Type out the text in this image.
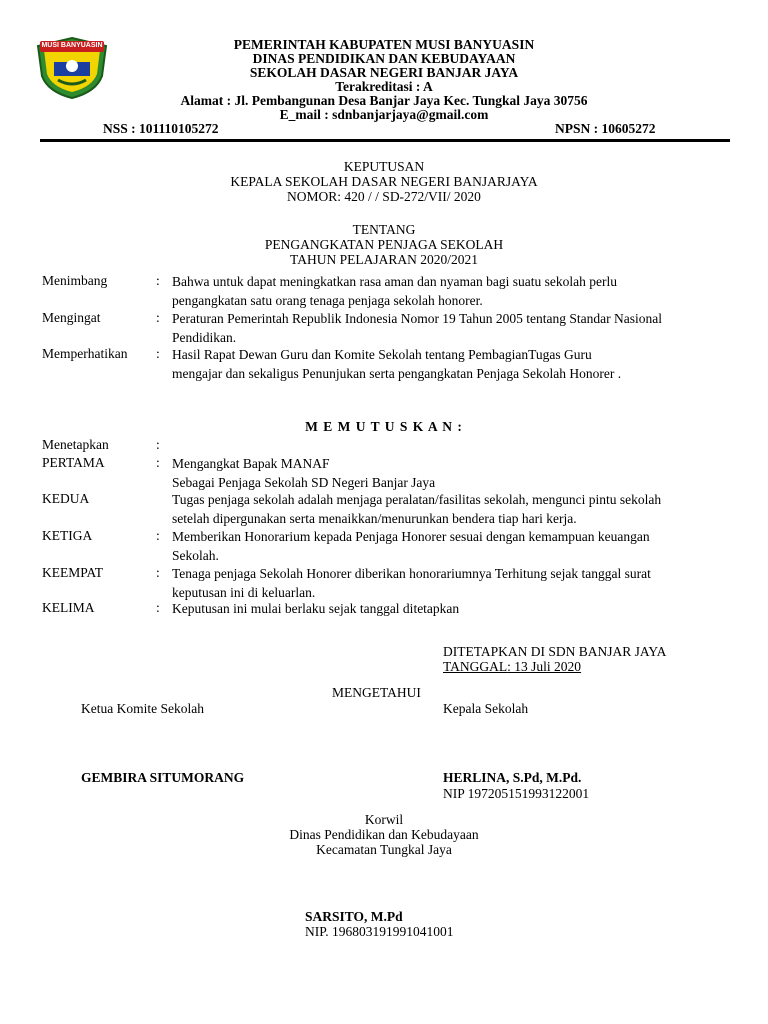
MUSI BANYUASIN	PEMERINTAH KABUPATEN MUSI BANYUASIN
DINAS PENDIDIKAN DAN KEBUDAYAAN
SEKOLAH DASAR NEGERI BANJAR JAYA
Terakreditasi : A
Alamat : Jl. Pembangunan Desa Banjar Jaya Kec. Tungkal Jaya 30756
E_mail : sdnbanjarjaya@gmail.com
NSS : 101110105272	NPSN : 10605272
KEPUTUSAN
KEPALA SEKOLAH DASAR NEGERI BANJARJAYA
NOMOR: 420 / / SD-272/VII/ 2020
TENTANG
PENGANGKATAN PENJAGA SEKOLAH
TAHUN PELAJARAN 2020/2021
Menimbang	: Bahwa untuk dapat meningkatkan rasa aman dan nyaman bagi suatu sekolah perlu
pengangkatan satu orang tenaga penjaga sekolah honorer.
Mengingat	: Peraturan Pemerintah Republik Indonesia Nomor 19 Tahun 2005 tentang Standar Nasional
Pendidikan.
Memperhatikan : Hasil Rapat Dewan Guru dan Komite Sekolah tentang PembagianTugas Guru
mengajar dan sekaligus Penunjukan serta pengangkatan Penjaga Sekolah Honorer .
M E M U T U S K A N :
Menetapkan	:
PERTAMA	: Mengangkat Bapak MANAF
Sebagai Penjaga Sekolah SD Negeri Banjar Jaya
KEDUA	Tugas penjaga sekolah adalah menjaga peralatan/fasilitas sekolah, mengunci pintu sekolah
setelah dipergunakan serta menaikkan/menurunkan bendera tiap hari kerja.
KETIGA	: Memberikan Honorarium kepada Penjaga Honorer sesuai dengan kemampuan keuangan
Sekolah.
KEEMPAT	: Tenaga penjaga Sekolah Honorer diberikan honorariumnya Terhitung sejak tanggal surat
keputusan ini di keluarlan.
KELIMA	: Keputusan ini mulai berlaku sejak tanggal ditetapkan
DITETAPKAN DI SDN BANJAR JAYA
TANGGAL: 13 Juli 2020
MENGETAHUI
Ketua Komite Sekolah	Kepala Sekolah
GEMBIRA SITUMORANG	HERLINA, S.Pd, M.Pd.
NIP 197205151993122001
Korwil
Dinas Pendidikan dan Kebudayaan
Kecamatan Tungkal Jaya
SARSITO, M.Pd
NIP. 196803191991041001
